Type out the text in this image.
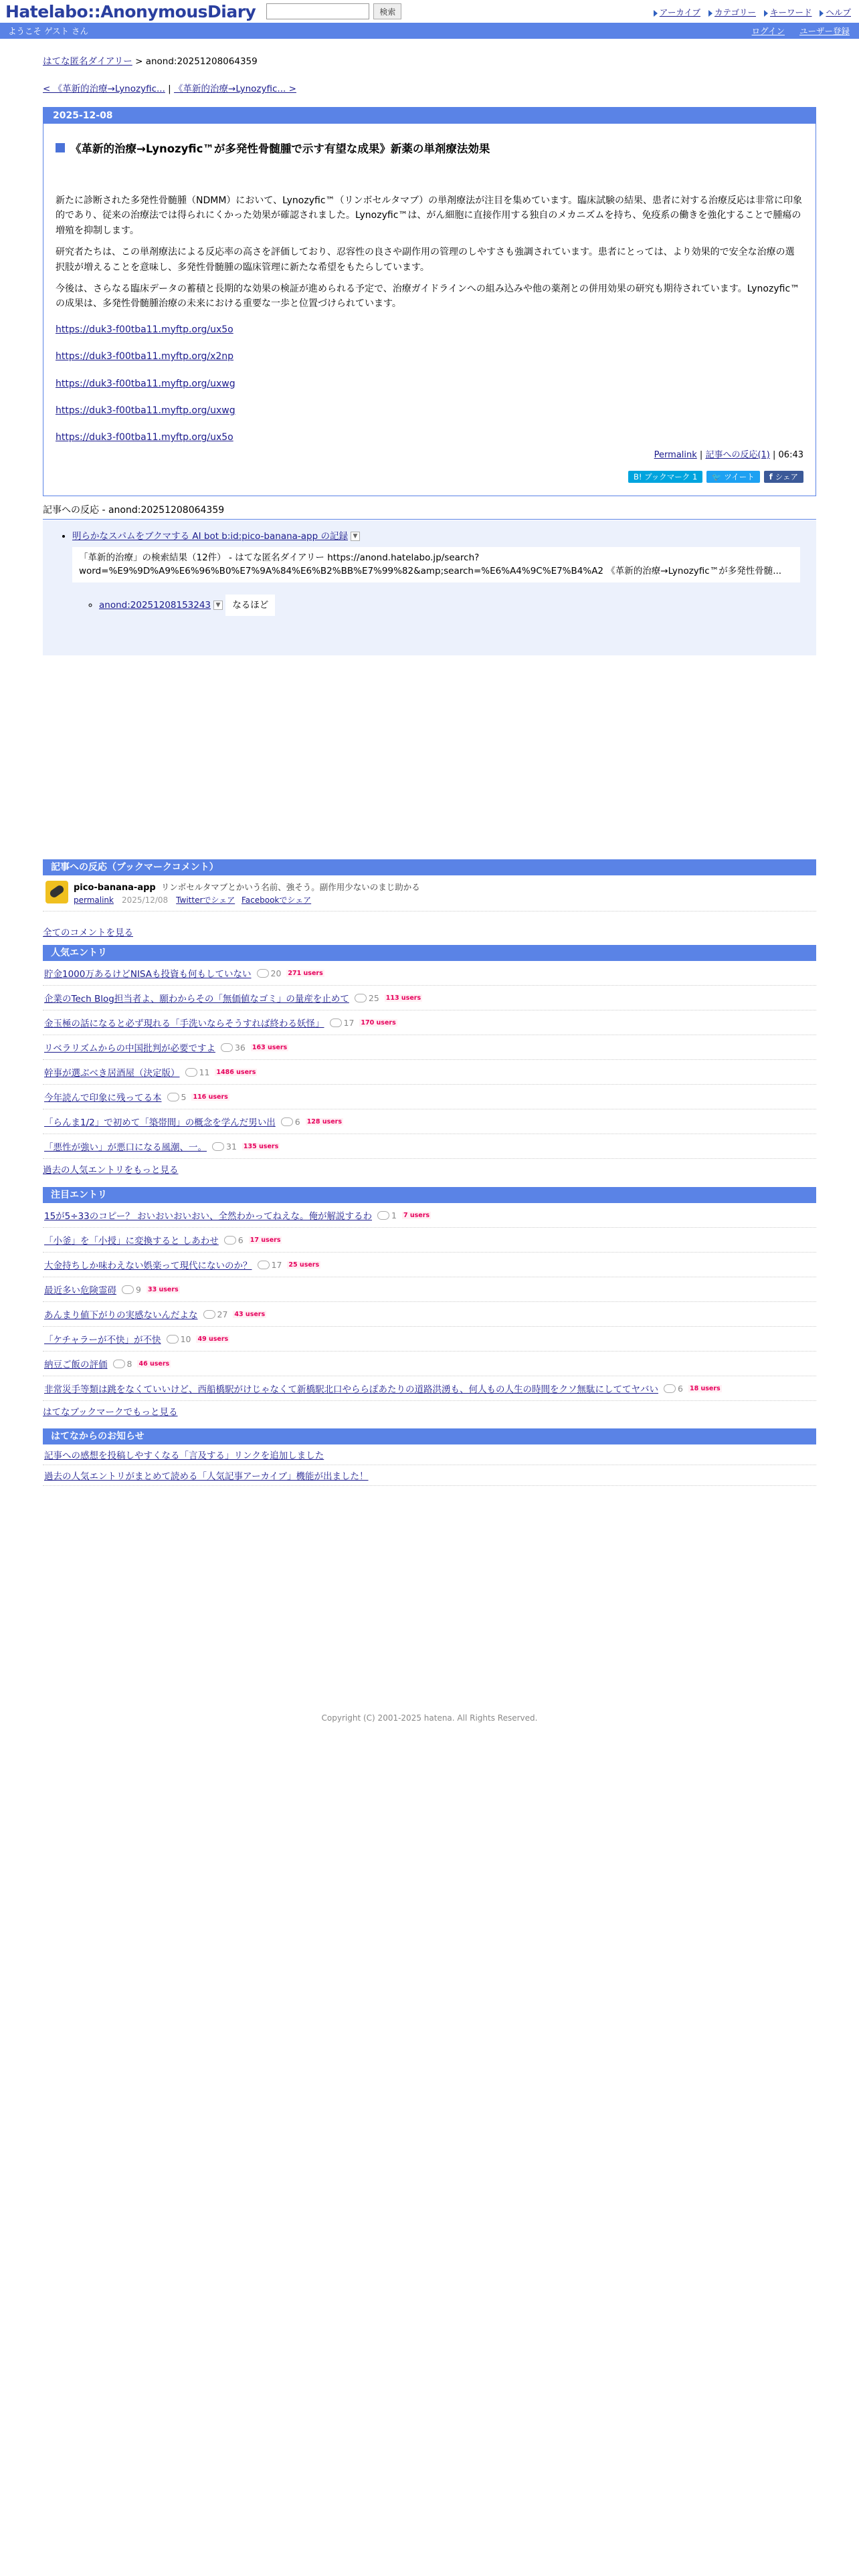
Hatelabo::AnonymousDiary	検索	アーカイブ	カテゴリー	キーワード	ヘルプ
ようこそ ゲスト さん	ログイン ユーザー登録
はてな匿名ダイアリー > anond:20251208064359
< 《革新的治療→Lynozyfic... | 《革新的治療→Lynozyfic... >
2025-12-08
《革新的治療→Lynozyfic™が多発性骨髄腫で示す有望な成果》新薬の単剤療法効果

新たに診断された多発性骨髄腫（NDMM）において、Lynozyfic™（リンボセルタマブ）の単剤療法が注目を集めています。臨床試験の結果、患者に対する治療反応は非常に印象的であり、従来の治療法では得られにくかった効果が確認されました。Lynozyfic™は、がん細胞に直接作用する独自のメカニズムを持ち、免疫系の働きを強化することで腫瘍の増殖を抑制します。

研究者たちは、この単剤療法による反応率の高さを評価しており、忍容性の良さや副作用の管理のしやすさも強調されています。患者にとっては、より効果的で安全な治療の選択肢が増えることを意味し、多発性骨髄腫の臨床管理に新たな希望をもたらしています。

今後は、さらなる臨床データの蓄積と長期的な効果の検証が進められる予定で、治療ガイドラインへの組み込みや他の薬剤との併用効果の研究も期待されています。Lynozyfic™の成果は、多発性骨髄腫治療の未来における重要な一歩と位置づけられています。

https://duk3-f00tba11.myftp.org/ux5o
https://duk3-f00tba11.myftp.org/x2np
https://duk3-f00tba11.myftp.org/uxwg
https://duk3-f00tba11.myftp.org/uxwg
https://duk3-f00tba11.myftp.org/ux5o
Permalink | 記事への反応(1) | 06:43
B! ブックマーク 1	🐦 ツイート	f シェア
記事への反応 - anond:20251208064359
• 明らかなスパムをブクマする AI bot b:id:pico-banana-app の記録 ▼
「革新的治療」の検索結果（12件） - はてな匿名ダイアリー https://anond.hatelabo.jp/search?word=%E9%9D%A9%E6%96%B0%E7%9A%84%E6%B2%BB%E7%99%82&amp;search=%E6%A4%9C%E7%B4%A2 《革新的治療→Lynozyfic™が多発性骨髄...
◦ anond:20251208153243 ▼ なるほど
記事への反応（ブックマークコメント）
pico-banana-app リンボセルタマブとかいう名前、強そう。副作用少ないのまじ助かる
permalink 2025/12/08 Twitterでシェア Facebookでシェア
全てのコメントを見る
人気エントリ
貯金1000万あるけどNISAも投資も何もしていない 20 271 users
企業のTech Blog担当者よ、願わからその「無価値なゴミ」の量産を止めて 25 113 users
金玉極の話になると必ず現れる「手洗いならそうすれば終わる妖怪」 17 170 users
リベラリズムからの中国批判が必要ですよ 36 163 users
幹事が選ぶべき居酒屋（決定版） 11 1486 users
今年読んで印象に残ってる本 5 116 users
「らんま1/2」で初めて「築帯間」の概念を学んだ男い出 6 128 users
「悪性が強い」が悪口になる風潮、一。 31 135 users
過去の人気エントリをもっと見る
注目エントリ
15が5÷33のコピー？ おいおいおいおい、全然わかってねえな。俺が解説するわ 1 7 users
「小釜」を「小授」に変換すると しあわせ 6 17 users
大金持ちしか味わえない娯楽って現代にないのか？ 17 25 users
最近多い危険霊碍 9 33 users
あんまり値下がりの実感ないんだよな 27 43 users
「ケチャラーが不快」が不快 10 49 users
納豆ご飯の評価 8 46 users
非常災手等類は跳をなくていいけど、西船橋駅がけじゃなくて新橋駅北口やららぽあたりの道路洪湧も、何人もの人生の時間をクソ無駄にしててヤバい 6 18 users
はてなブックマークでもっと見る
はてなからのお知らせ
記事への感想を投稿しやすくなる「言及する」リンクを追加しました
過去の人気エントリがまとめて読める「人気記事アーカイブ」機能が出ました！
Copyright (C) 2001-2025 hatena. All Rights Reserved.
